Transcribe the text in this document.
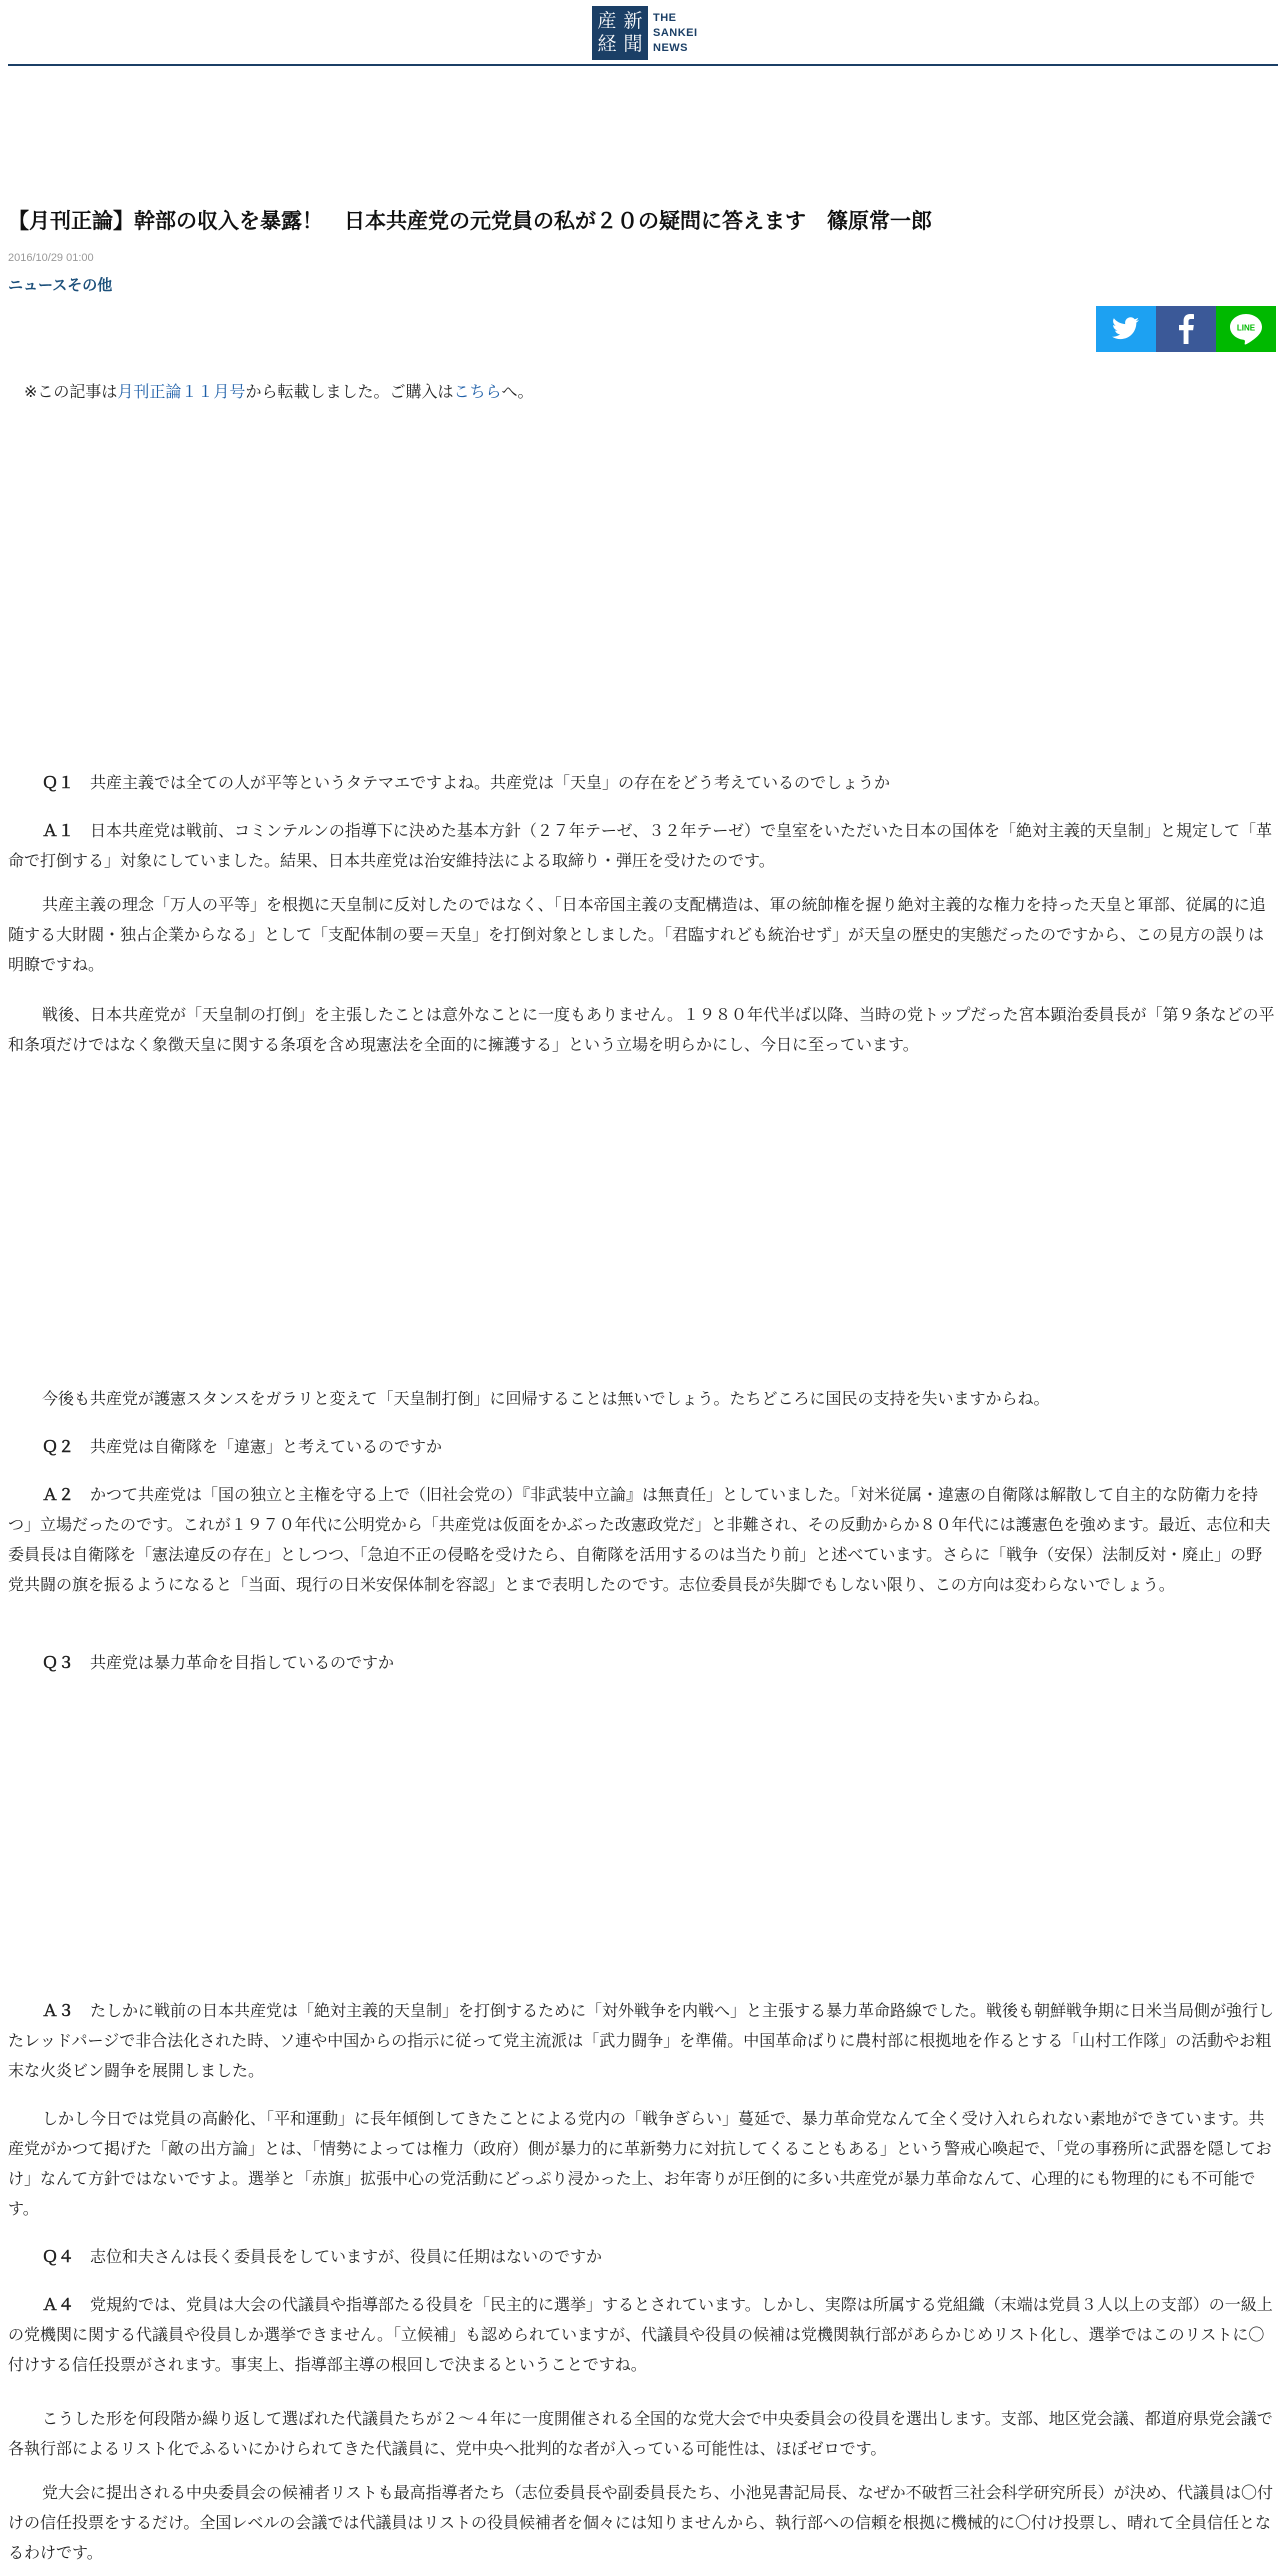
産 新
経 聞
THE
SANKEI
NEWS
【月刊正論】幹部の収入を暴露！　日本共産党の元党員の私が２０の疑問に答えます　篠原常一郎
2016/10/29 01:00
ニュースその他
LINE

※この記事は月刊正論１１月号から転載しました。ご購入はこちらへ。

Ｑ１　共産主義では全ての人が平等というタテマエですよね。共産党は「天皇」の存在をどう考えているのでしょうか

Ａ１　日本共産党は戦前、コミンテルンの指導下に決めた基本方針（２７年テーゼ、３２年テーゼ）で皇室をいただいた日本の国体を「絶対主義的天皇制」と規定して「革命で打倒する」対象にしていました。結果、日本共産党は治安維持法による取締り・弾圧を受けたのです。

共産主義の理念「万人の平等」を根拠に天皇制に反対したのではなく、「日本帝国主義の支配構造は、軍の統帥権を握り絶対主義的な権力を持った天皇と軍部、従属的に追随する大財閥・独占企業からなる」として「支配体制の要＝天皇」を打倒対象としました。「君臨すれども統治せず」が天皇の歴史的実態だったのですから、この見方の誤りは明瞭ですね。

戦後、日本共産党が「天皇制の打倒」を主張したことは意外なことに一度もありません。１９８０年代半ば以降、当時の党トップだった宮本顕治委員長が「第９条などの平和条項だけではなく象徴天皇に関する条項を含め現憲法を全面的に擁護する」という立場を明らかにし、今日に至っています。

今後も共産党が護憲スタンスをガラリと変えて「天皇制打倒」に回帰することは無いでしょう。たちどころに国民の支持を失いますからね。

Ｑ２　共産党は自衛隊を「違憲」と考えているのですか

Ａ２　かつて共産党は「国の独立と主権を守る上で（旧社会党の）『非武装中立論』は無責任」としていました。「対米従属・違憲の自衛隊は解散して自主的な防衛力を持つ」立場だったのです。これが１９７０年代に公明党から「共産党は仮面をかぶった改憲政党だ」と非難され、その反動からか８０年代には護憲色を強めます。最近、志位和夫委員長は自衛隊を「憲法違反の存在」としつつ、「急迫不正の侵略を受けたら、自衛隊を活用するのは当たり前」と述べています。さらに「戦争（安保）法制反対・廃止」の野党共闘の旗を振るようになると「当面、現行の日米安保体制を容認」とまで表明したのです。志位委員長が失脚でもしない限り、この方向は変わらないでしょう。

Ｑ３　共産党は暴力革命を目指しているのですか

Ａ３　たしかに戦前の日本共産党は「絶対主義的天皇制」を打倒するために「対外戦争を内戦へ」と主張する暴力革命路線でした。戦後も朝鮮戦争期に日米当局側が強行したレッドパージで非合法化された時、ソ連や中国からの指示に従って党主流派は「武力闘争」を準備。中国革命ばりに農村部に根拠地を作るとする「山村工作隊」の活動やお粗末な火炎ビン闘争を展開しました。

しかし今日では党員の高齢化、「平和運動」に長年傾倒してきたことによる党内の「戦争ぎらい」蔓延で、暴力革命党なんて全く受け入れられない素地ができています。共産党がかつて掲げた「敵の出方論」とは、「情勢によっては権力（政府）側が暴力的に革新勢力に対抗してくることもある」という警戒心喚起で、「党の事務所に武器を隠しておけ」なんて方針ではないですよ。選挙と「赤旗」拡張中心の党活動にどっぷり浸かった上、お年寄りが圧倒的に多い共産党が暴力革命なんて、心理的にも物理的にも不可能です。

Ｑ４　志位和夫さんは長く委員長をしていますが、役員に任期はないのですか

Ａ４　党規約では、党員は大会の代議員や指導部たる役員を「民主的に選挙」するとされています。しかし、実際は所属する党組織（末端は党員３人以上の支部）の一級上の党機関に関する代議員や役員しか選挙できません。「立候補」も認められていますが、代議員や役員の候補は党機関執行部があらかじめリスト化し、選挙ではこのリストに〇付けする信任投票がされます。事実上、指導部主導の根回しで決まるということですね。

こうした形を何段階か繰り返して選ばれた代議員たちが２～４年に一度開催される全国的な党大会で中央委員会の役員を選出します。支部、地区党会議、都道府県党会議で各執行部によるリスト化でふるいにかけられてきた代議員に、党中央へ批判的な者が入っている可能性は、ほぼゼロです。

党大会に提出される中央委員会の候補者リストも最高指導者たち（志位委員長や副委員長たち、小池晃書記局長、なぜか不破哲三社会科学研究所長）が決め、代議員は〇付けの信任投票をするだけ。全国レベルの会議では代議員はリストの役員候補者を個々には知りませんから、執行部への信頼を根拠に機械的に〇付け投票し、晴れて全員信任となるわけです。
